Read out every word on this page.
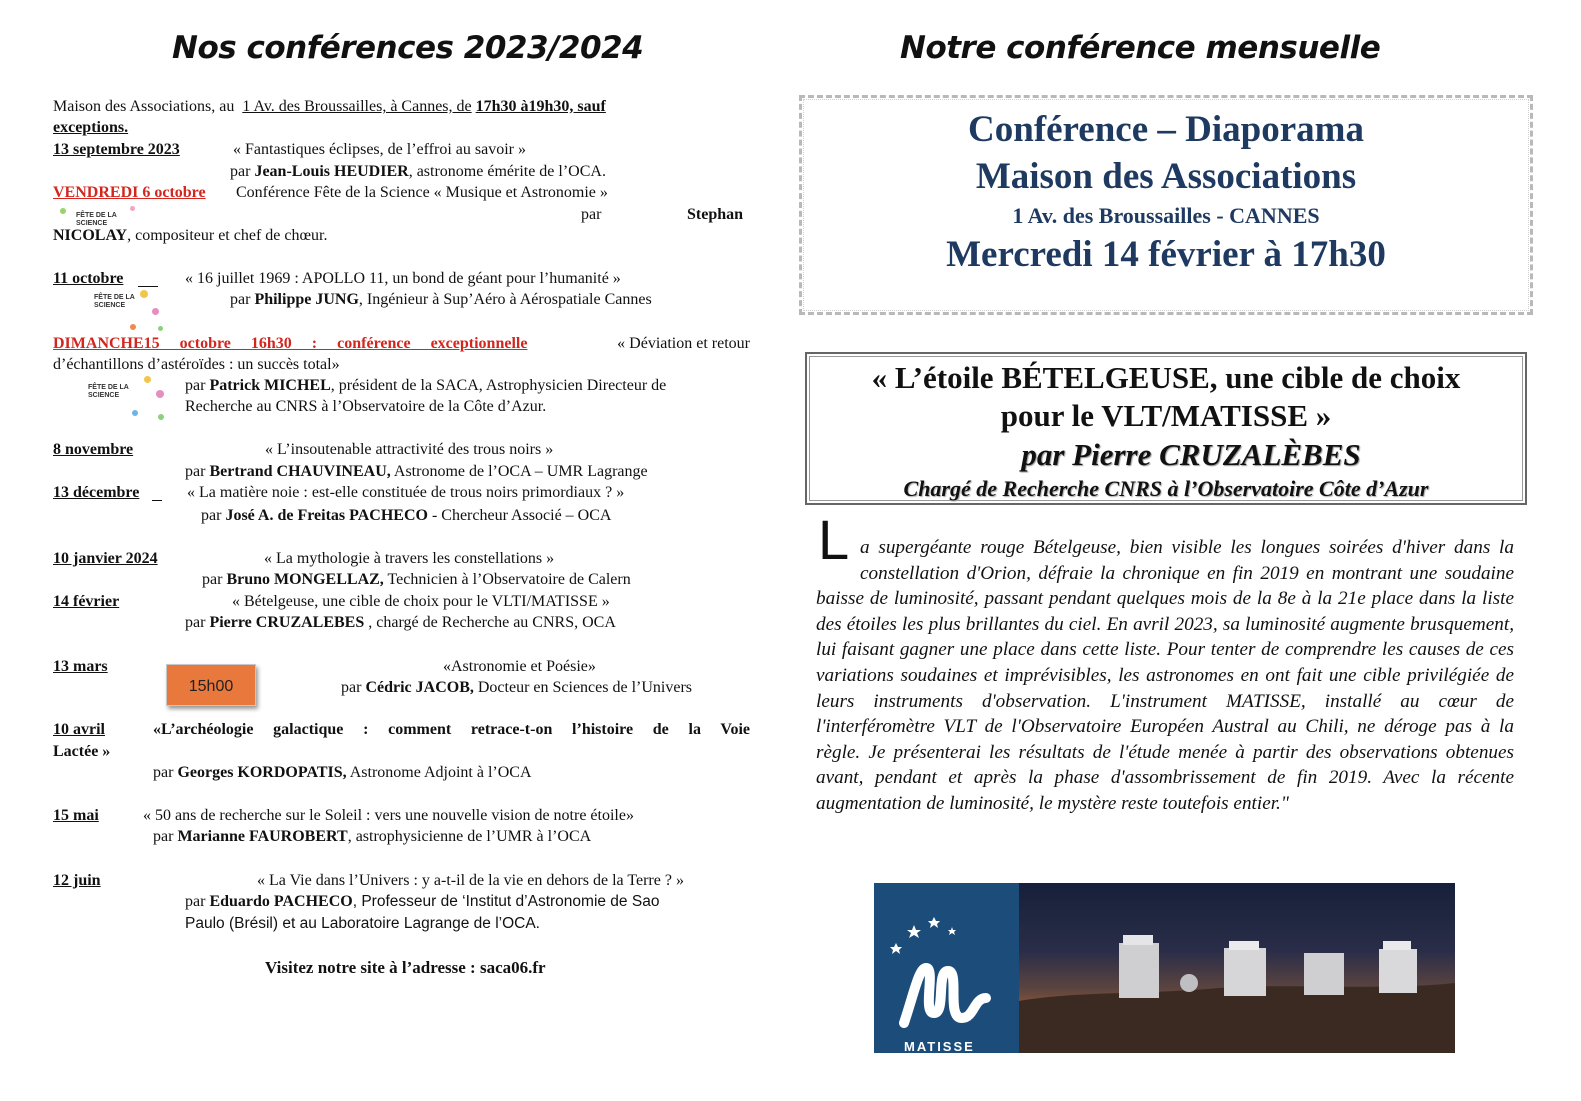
Nos conférences 2023/2024	Notre conférence mensuelle
Maison des Associations, au 1 Av. des Broussailles, à Cannes, de 17h30 à19h30, sauf
exceptions.
13 septembre 2023	« Fantastiques éclipses, de l’effroi au savoir »
par Jean-Louis HEUDIER, astronome émérite de l’OCA.
VENDREDI 6 octobre Conférence Fête de la Science « Musique et Astronomie »
par	Stephan
NICOLAY, compositeur et chef de chœur.
FÊTE DE LA
SCIENCE
11 octobre	« 16 juillet 1969 : APOLLO 11, un bond de géant pour l’humanité »
par Philippe JUNG, Ingénieur à Sup’Aéro à Aérospatiale Cannes
FÊTE DE LA
SCIENCE
DIMANCHE15 octobre 16h30 : conférence exceptionnelle	« Déviation et retour
d’échantillons d’astéroïdes : un succès total»
par Patrick MICHEL, président de la SACA, Astrophysicien Directeur de
Recherche au CNRS à l’Observatoire de la Côte d’Azur.
FÊTE DE LA
SCIENCE
8 novembre	« L’insoutenable attractivité des trous noirs »
par Bertrand CHAUVINEAU, Astronome de l’OCA – UMR Lagrange
13 décembre	« La matière noie : est-elle constituée de trous noirs primordiaux ? »
par José A. de Freitas PACHECO - Chercheur Associé – OCA
10 janvier 2024	« La mythologie à travers les constellations »
par Bruno MONGELLAZ, Technicien à l’Observatoire de Calern
14 février	« Bételgeuse, une cible de choix pour le VLTI/MATISSE »
par Pierre CRUZALEBES , chargé de Recherche au CNRS, OCA
13 mars
15h00
«Astronomie et Poésie»
par Cédric JACOB, Docteur en Sciences de l’Univers
10 avril	«L’archéologie galactique : comment retrace-t-on l’histoire de la Voie
Lactée »
par Georges KORDOPATIS, Astronome Adjoint à l’OCA
15 mai	« 50 ans de recherche sur le Soleil : vers une nouvelle vision de notre étoile»
par Marianne FAUROBERT, astrophysicienne de l’UMR à l’OCA
12 juin	« La Vie dans l’Univers : y a-t-il de la vie en dehors de la Terre ? »
par Eduardo PACHECO, Professeur de ‘Institut d’Astronomie de Sao
Paulo (Brésil) et au Laboratoire Lagrange de l’OCA.
Visitez notre site à l’adresse : saca06.fr
Conférence – Diaporama
Maison des Associations
1 Av. des Broussailles - CANNES
Mercredi 14 février à 17h30
« L’étoile BÉTELGEUSE, une cible de choix
pour le VLT/MATISSE »
par Pierre CRUZALÈBES
Chargé de Recherche CNRS à l’Observatoire Côte d’Azur
L a supergéante rouge Bételgeuse, bien visible les longues soirées d'hiver dans la constellation d'Orion, défraie la chronique en fin 2019 en montrant une soudaine baisse de luminosité, passant pendant quelques mois de la 8e à la 21e place dans la liste des étoiles les plus brillantes du ciel. En avril 2023, sa luminosité augmente brusquement, lui faisant gagner une place dans cette liste. Pour tenter de comprendre les causes de ces variations soudaines et imprévisibles, les astronomes en ont fait une cible privilégiée de leurs instruments d'observation. L'instrument MATISSE, installé au cœur de l'interféromètre VLT de l'Observatoire Européen Austral au Chili, ne déroge pas à la règle. Je présenterai les résultats de l'étude menée à partir des observations obtenues avant, pendant et après la phase d'assombrissement de fin 2019. Avec la récente augmentation de luminosité, le mystère reste toutefois entier."
MATISSE
